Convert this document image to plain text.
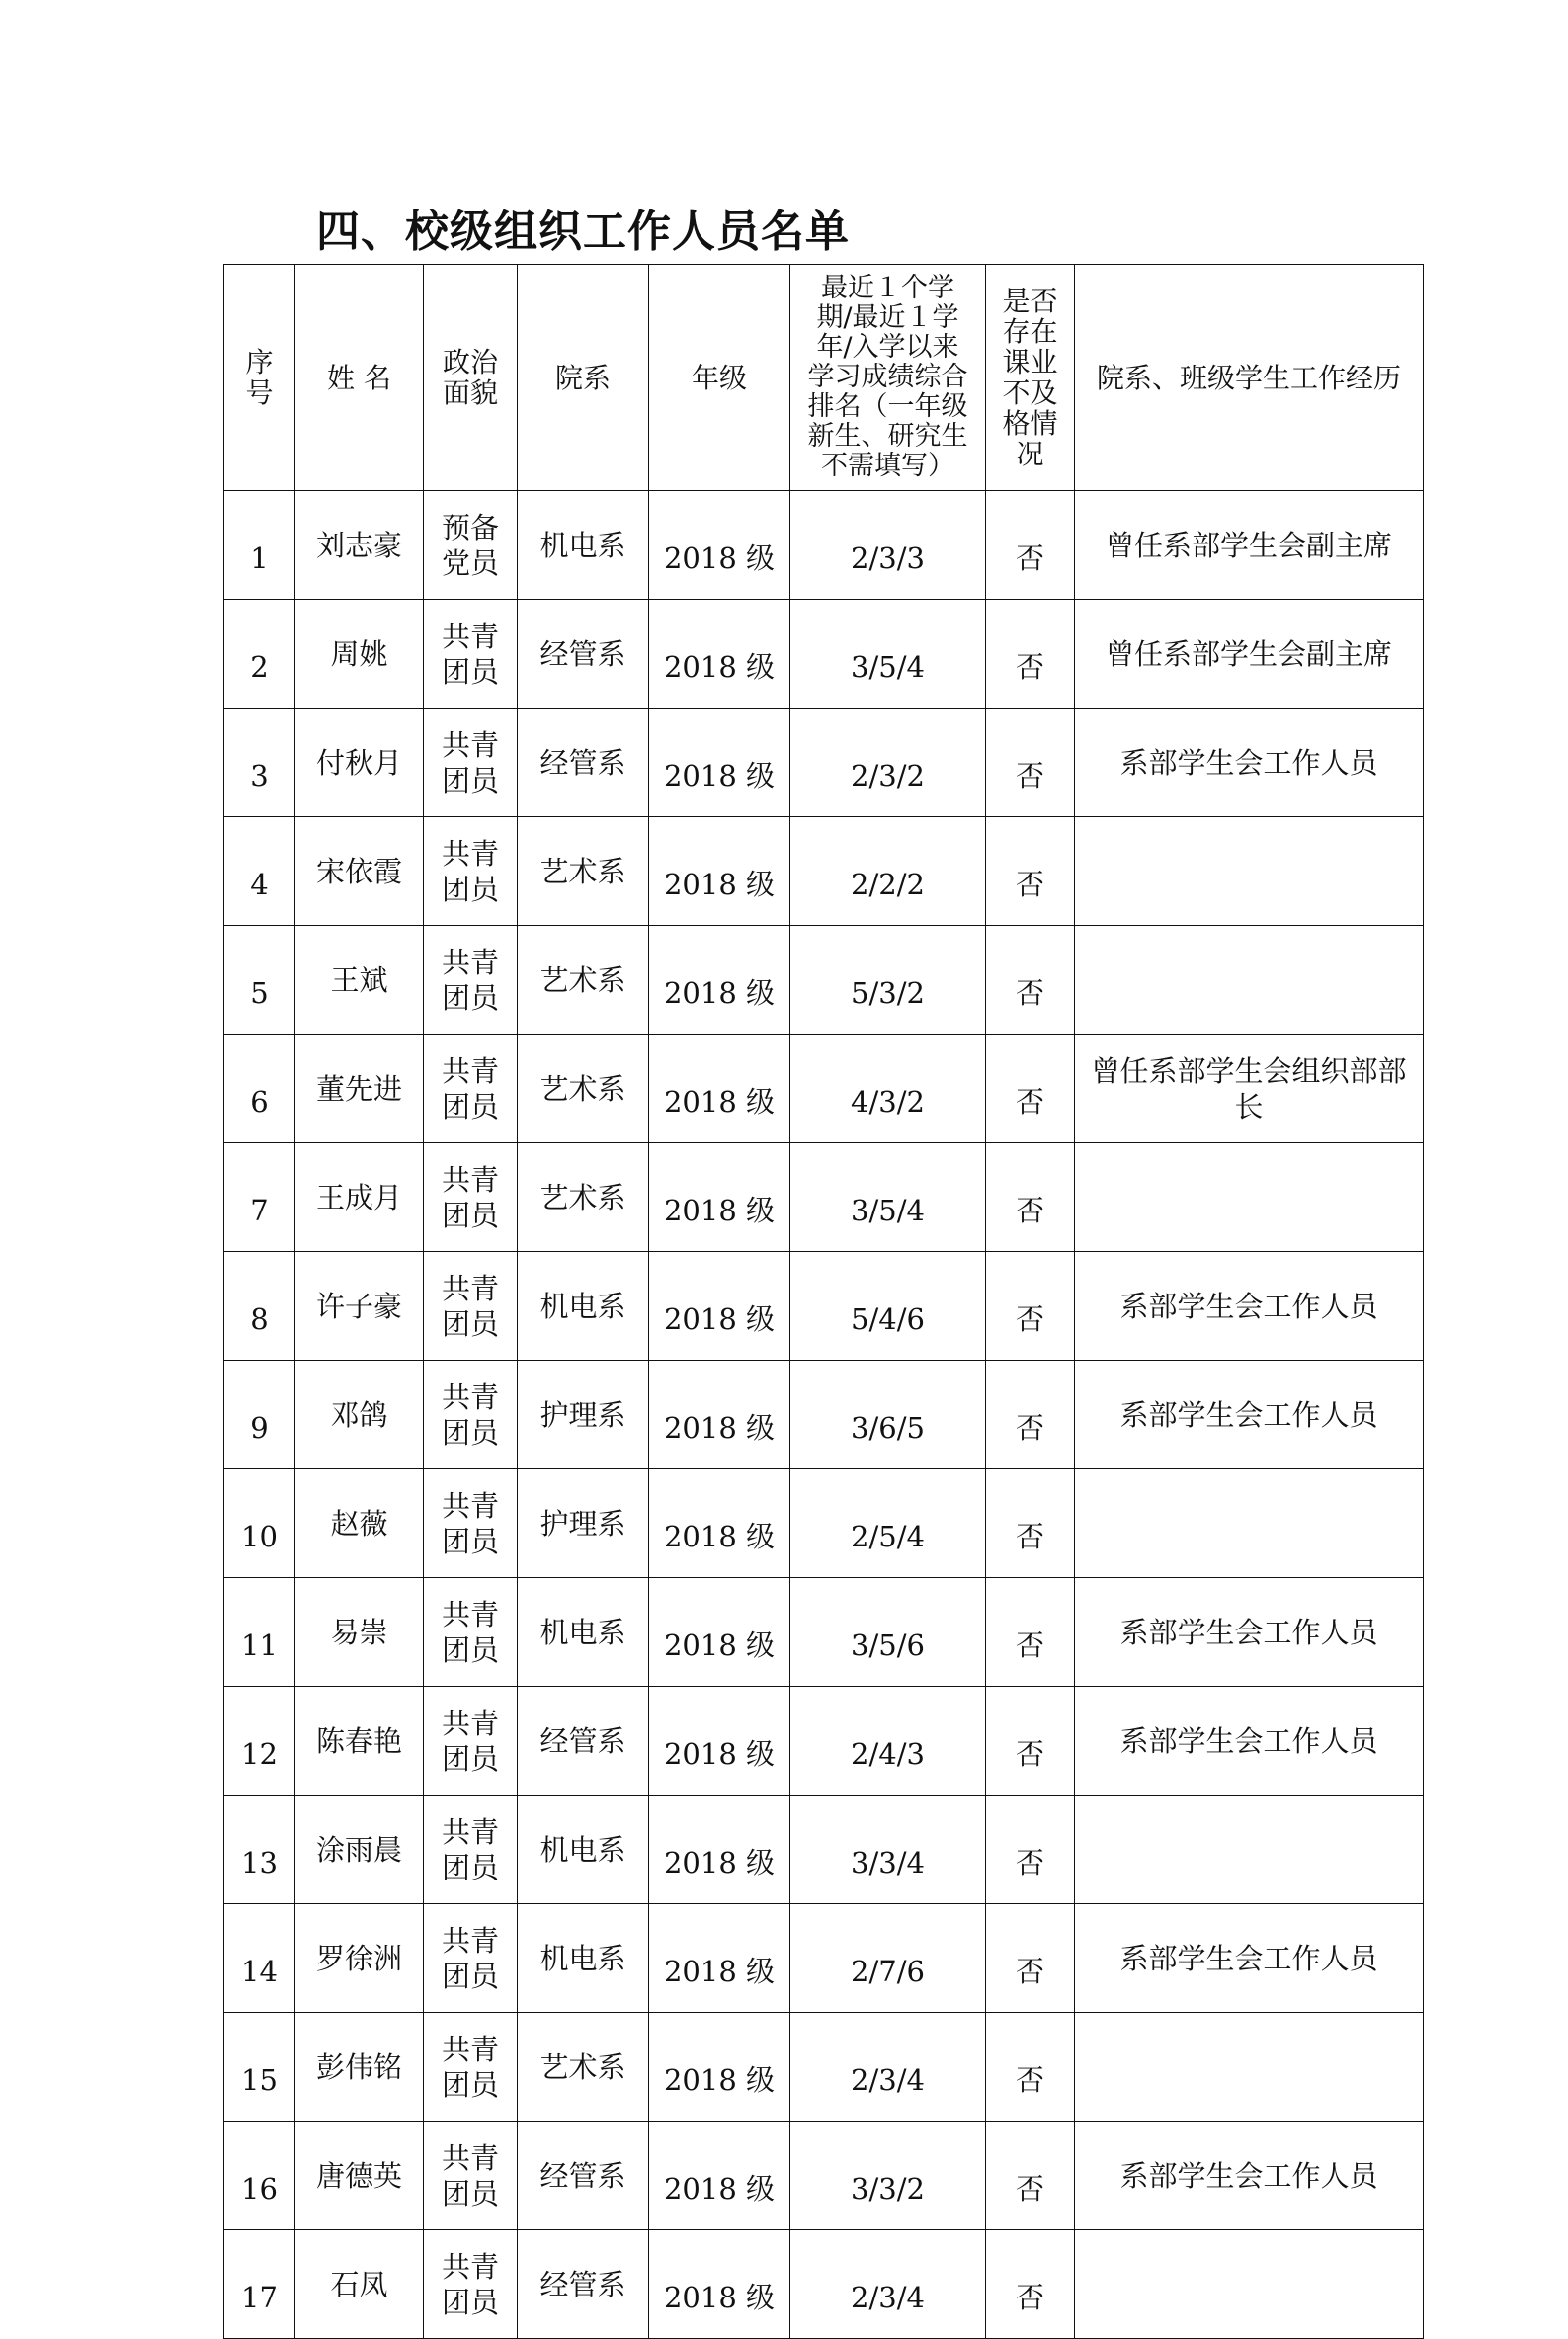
四、校级组织工作人员名单
序号	姓 名	政治面貌	院系	年级	最近１个学期/最近１学年/入学以来学习成绩综合排名（一年级新生、研究生不需填写）	是否存在课业不及格情况	院系、班级学生工作经历
1	刘志豪	预备党员	机电系	2018 级	2/3/3	否	曾任系部学生会副主席
2	周姚	共青团员	经管系	2018 级	3/5/4	否	曾任系部学生会副主席
3	付秋月	共青团员	经管系	2018 级	2/3/2	否	系部学生会工作人员
4	宋依霞	共青团员	艺术系	2018 级	2/2/2	否	
5	王斌	共青团员	艺术系	2018 级	5/3/2	否	
6	董先进	共青团员	艺术系	2018 级	4/3/2	否	曾任系部学生会组织部部长
7	王成月	共青团员	艺术系	2018 级	3/5/4	否	
8	许子豪	共青团员	机电系	2018 级	5/4/6	否	系部学生会工作人员
9	邓鸽	共青团员	护理系	2018 级	3/6/5	否	系部学生会工作人员
10	赵薇	共青团员	护理系	2018 级	2/5/4	否	
11	易崇	共青团员	机电系	2018 级	3/5/6	否	系部学生会工作人员
12	陈春艳	共青团员	经管系	2018 级	2/4/3	否	系部学生会工作人员
13	涂雨晨	共青团员	机电系	2018 级	3/3/4	否	
14	罗徐洲	共青团员	机电系	2018 级	2/7/6	否	系部学生会工作人员
15	彭伟铭	共青团员	艺术系	2018 级	2/3/4	否	
16	唐德英	共青团员	经管系	2018 级	3/3/2	否	系部学生会工作人员
17	石凤	共青团员	经管系	2018 级	2/3/4	否	
